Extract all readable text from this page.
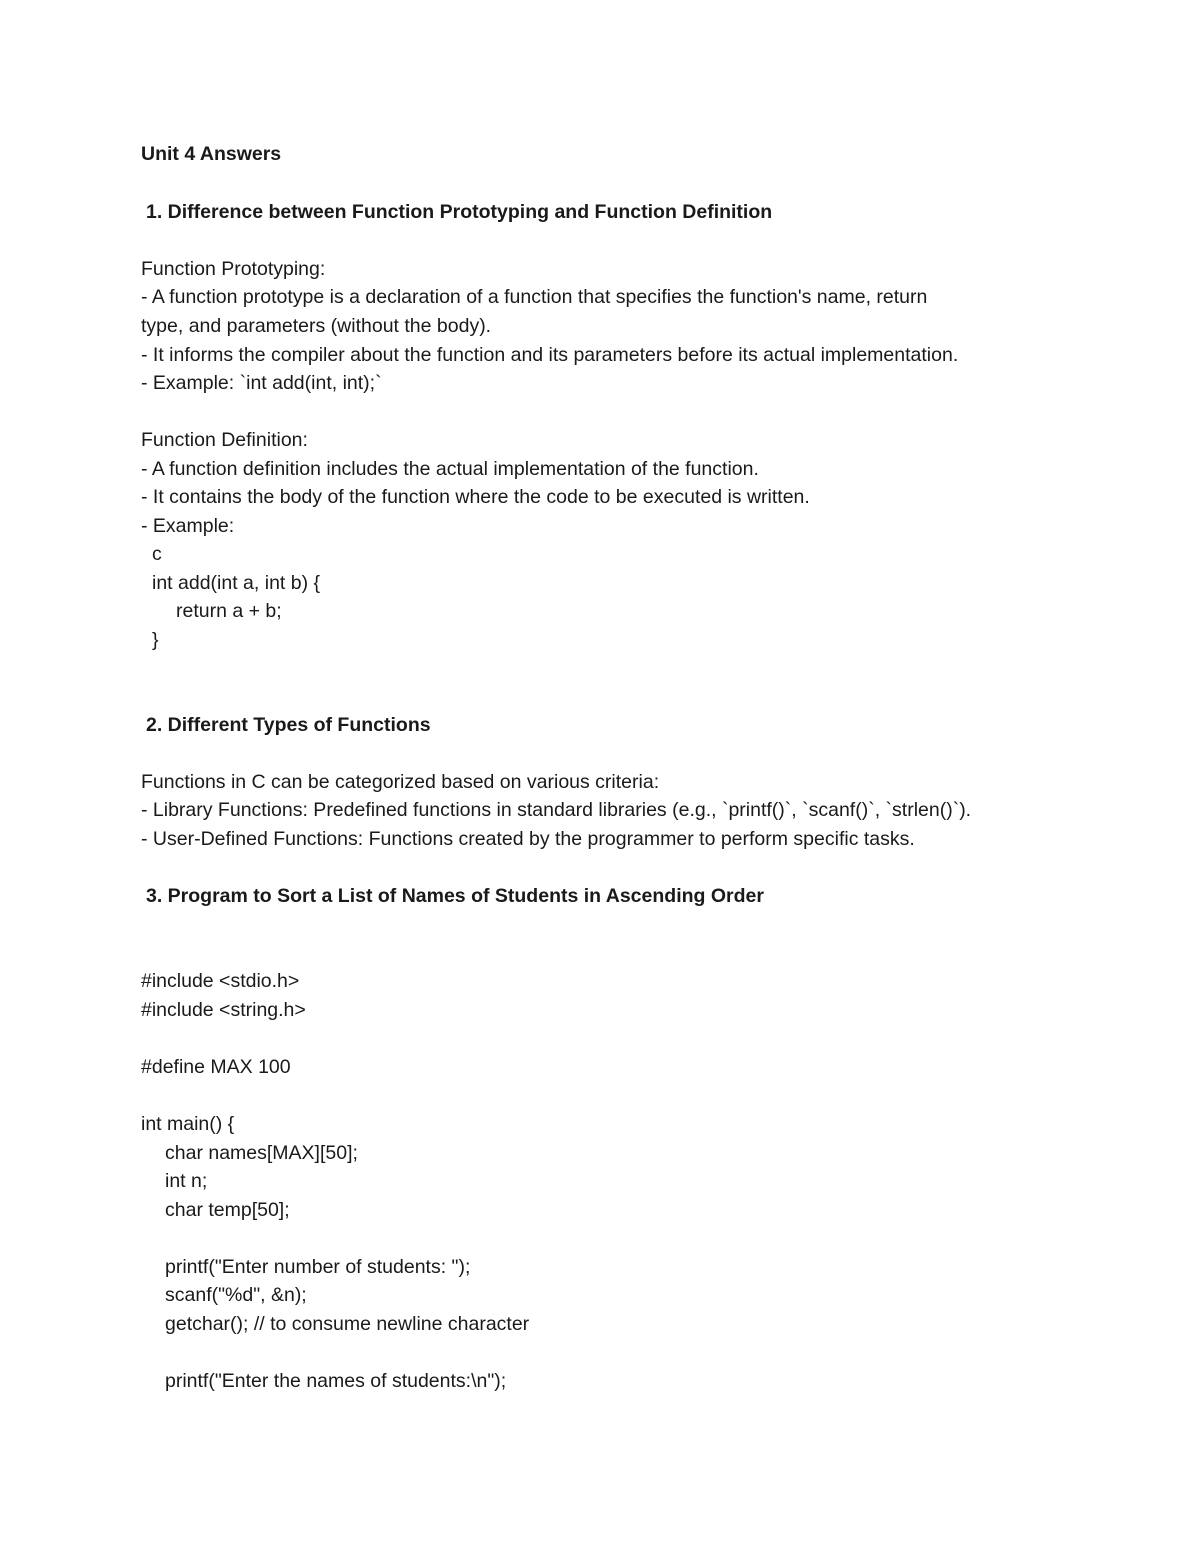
Unit 4 Answers

1. Difference between Function Prototyping and Function Definition

Function Prototyping:

- A function prototype is a declaration of a function that specifies the function's name, return

type, and parameters (without the body).

- It informs the compiler about the function and its parameters before its actual implementation.

- Example: `int add(int, int);`

Function Definition:

- A function definition includes the actual implementation of the function.

- It contains the body of the function where the code to be executed is written.

- Example:

c

int add(int a, int b) {

return a + b;

}

2. Different Types of Functions

Functions in C can be categorized based on various criteria:

- Library Functions: Predefined functions in standard libraries (e.g., `printf()`, `scanf()`, `strlen()`).

- User-Defined Functions: Functions created by the programmer to perform specific tasks.

3. Program to Sort a List of Names of Students in Ascending Order

#include <stdio.h>

#include <string.h>

#define MAX 100

int main() {

char names[MAX][50];

int n;

char temp[50];

printf("Enter number of students: ");

scanf("%d", &n);

getchar(); // to consume newline character

printf("Enter the names of students:\n");
